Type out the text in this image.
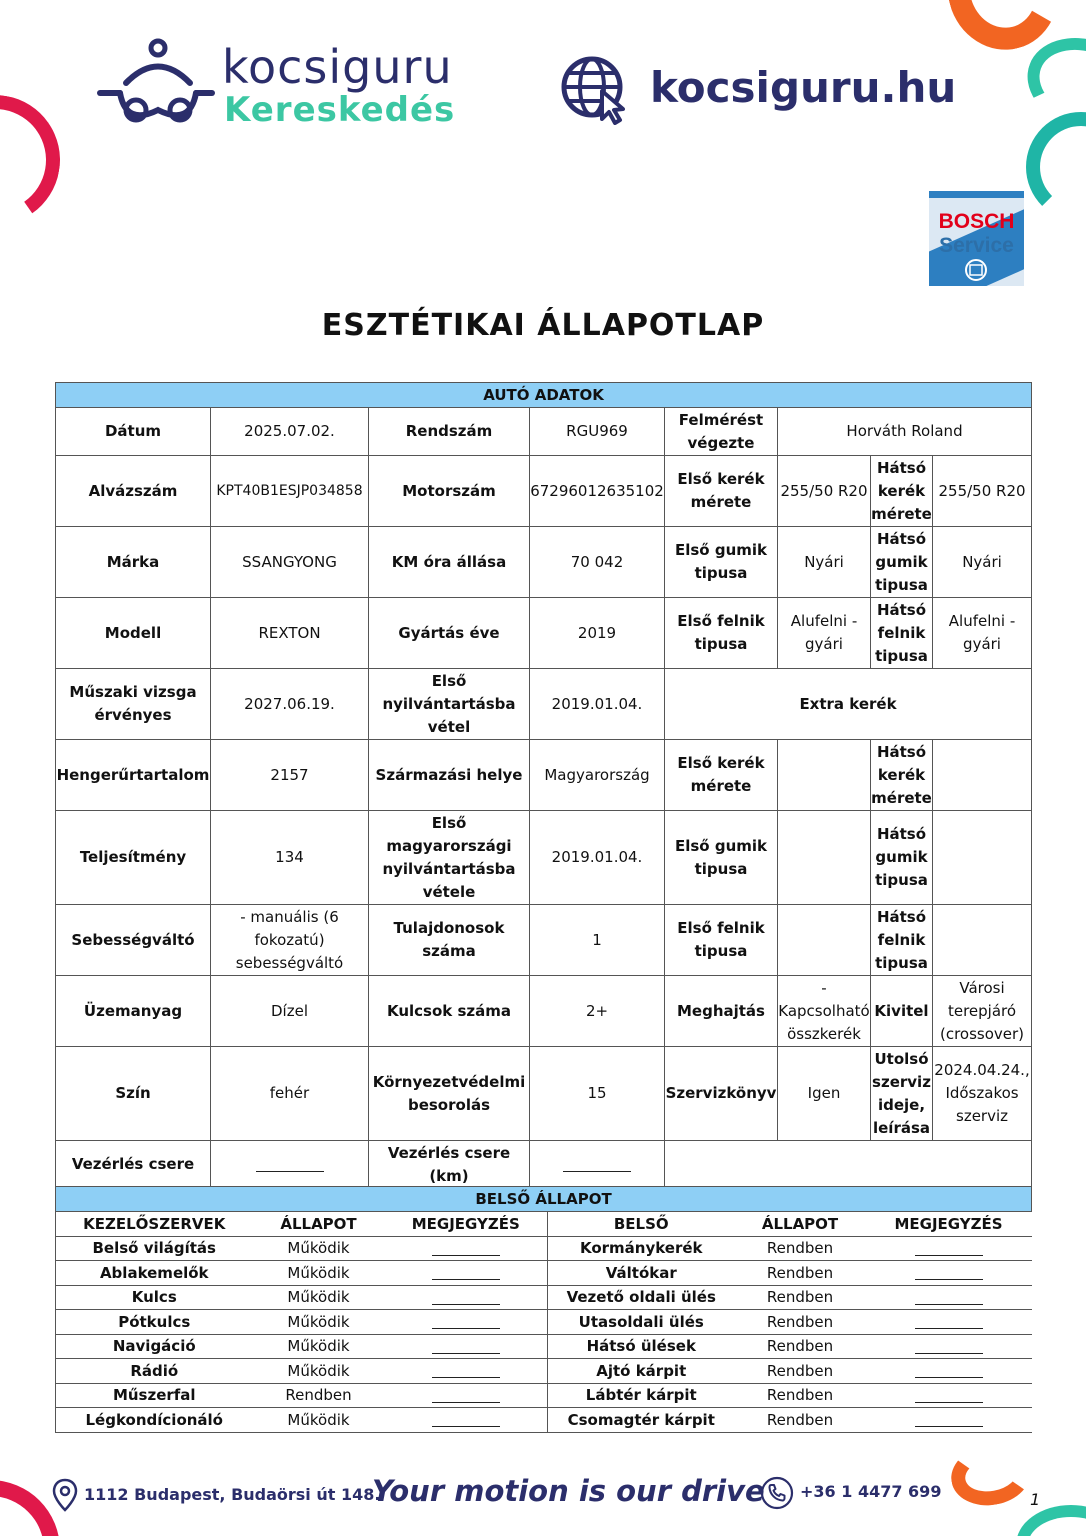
kocsiguru
Kereskedés	kocsiguru.hu
BOSCH
Service
ESZTÉTIKAI ÁLLAPOTLAP
AUTÓ ADATOK							
Dátum	2025.07.02.	Rendszám	RGU969	Felmérést végezte	Horváth Roland		
Alvázszám	KPT40B1ESJP034858	Motorszám	67296012635102	Első kerék mérete	255/50 R20	Hátsó kerék mérete	255/50 R20
Márka	SSANGYONG	KM óra állása	70 042	Első gumik tipusa	Nyári	Hátsó gumik tipusa	Nyári
Modell	REXTON	Gyártás éve	2019	Első felnik tipusa	Alufelni - gyári	Hátsó felnik tipusa	Alufelni - gyári
Műszaki vizsga érvényes	2027.06.19.	Első nyilvántartásba vétel	2019.01.04.	Extra kerék			
Hengerűrtartalom	2157	Származási helye	Magyarország	Első kerék mérete		Hátsó kerék mérete	
Teljesítmény	134	Első magyarországi nyilvántartásba vétele	2019.01.04.	Első gumik tipusa		Hátsó gumik tipusa	
Sebességváltó	- manuális (6 fokozatú) sebességváltó	Tulajdonosok száma	1	Első felnik tipusa		Hátsó felnik tipusa	
Üzemanyag	Dízel	Kulcsok száma	2+	Meghajtás	- Kapcsolható összkerék	Kivitel	Városi terepjáró (crossover)
Szín	fehér	Környezetvédelmi besorolás	15	Szervizkönyv	Igen	Utolsó szerviz ideje, leírása	2024.04.24., Időszakos szerviz
Vezérlés csere		Vezérlés csere (km)					
BELSŐ ÁLLAPOT					
KEZELŐSZERVEK	ÁLLAPOT	MEGJEGYZÉS	BELSŐ	ÁLLAPOT	MEGJEGYZÉS
Belső világítás	Működik		Kormánykerék	Rendben	
Ablakemelők	Működik		Váltókar	Rendben	
Kulcs	Működik		Vezető oldali ülés	Rendben	
Pótkulcs	Működik		Utasoldali ülés	Rendben	
Navigáció	Működik		Hátsó ülések	Rendben	
Rádió	Működik		Ajtó kárpit	Rendben	
Műszerfal	Rendben		Lábtér kárpit	Rendben	
Légkondícionáló	Működik		Csomagtér kárpit	Rendben	
1112 Budapest, Budaörsi út 148.
Your motion is our drive +36 1 4477 699	1
